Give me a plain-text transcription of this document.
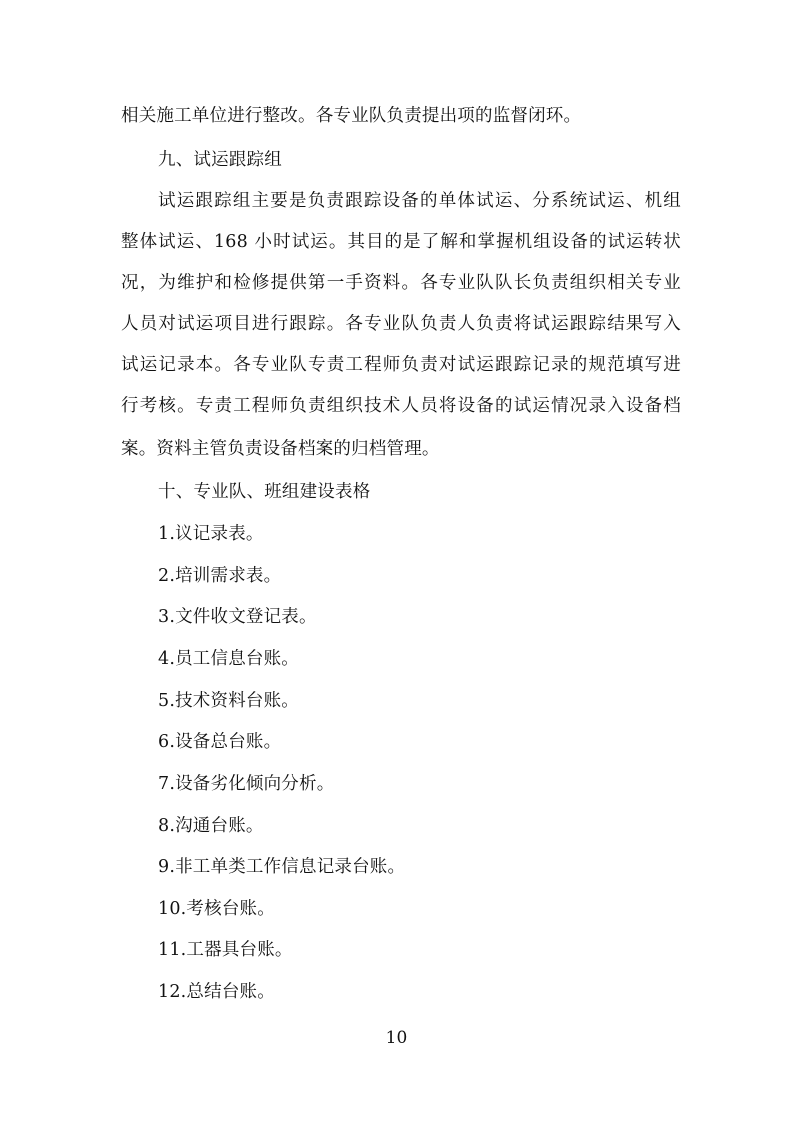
相关施工单位进行整改。各专业队负责提出项的监督闭环。
九、试运跟踪组
试运跟踪组主要是负责跟踪设备的单体试运、分系统试运、机组
整体试运、168 小时试运。其目的是了解和掌握机组设备的试运转状
况，为维护和检修提供第一手资料。各专业队队长负责组织相关专业
人员对试运项目进行跟踪。各专业队负责人负责将试运跟踪结果写入
试运记录本。各专业队专责工程师负责对试运跟踪记录的规范填写进
行考核。专责工程师负责组织技术人员将设备的试运情况录入设备档
案。资料主管负责设备档案的归档管理。
十、专业队、班组建设表格
1.议记录表。
2.培训需求表。
3.文件收文登记表。
4.员工信息台账。
5.技术资料台账。
6.设备总台账。
7.设备劣化倾向分析。
8.沟通台账。
9.非工单类工作信息记录台账。
10.考核台账。
11.工器具台账。
12.总结台账。
10
